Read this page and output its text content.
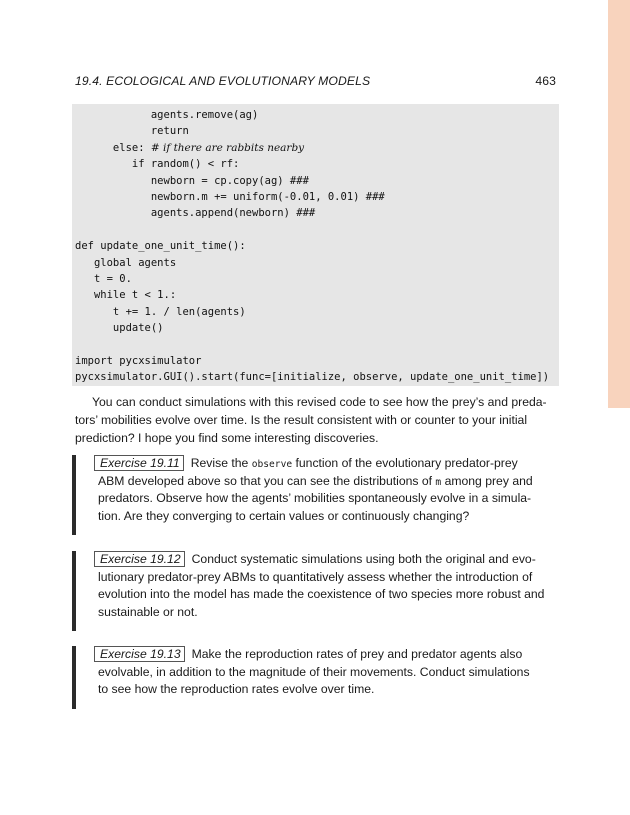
19.4. ECOLOGICAL AND EVOLUTIONARY MODELS	463
agents.remove(ag)
return
else: # if there are rabbits nearby
if random() < rf:
newborn = cp.copy(ag) ###
newborn.m += uniform(-0.01, 0.01) ###
agents.append(newborn) ###
def update_one_unit_time():
global agents
t = 0.
while t < 1.:
t += 1. / len(agents)
update()
import pycxsimulator
pycxsimulator.GUI().start(func=[initialize, observe, update_one_unit_time])
You can conduct simulations with this revised code to see how the prey’s and preda-
tors’ mobilities evolve over time. Is the result consistent with or counter to your initial
prediction? I hope you find some interesting discoveries.
Exercise 19.11 Revise the observe function of the evolutionary predator-prey
ABM developed above so that you can see the distributions of m among prey and
predators. Observe how the agents’ mobilities spontaneously evolve in a simula-
tion. Are they converging to certain values or continuously changing?
Exercise 19.12 Conduct systematic simulations using both the original and evo-
lutionary predator-prey ABMs to quantitatively assess whether the introduction of
evolution into the model has made the coexistence of two species more robust and
sustainable or not.
Exercise 19.13 Make the reproduction rates of prey and predator agents also
evolvable, in addition to the magnitude of their movements. Conduct simulations
to see how the reproduction rates evolve over time.
